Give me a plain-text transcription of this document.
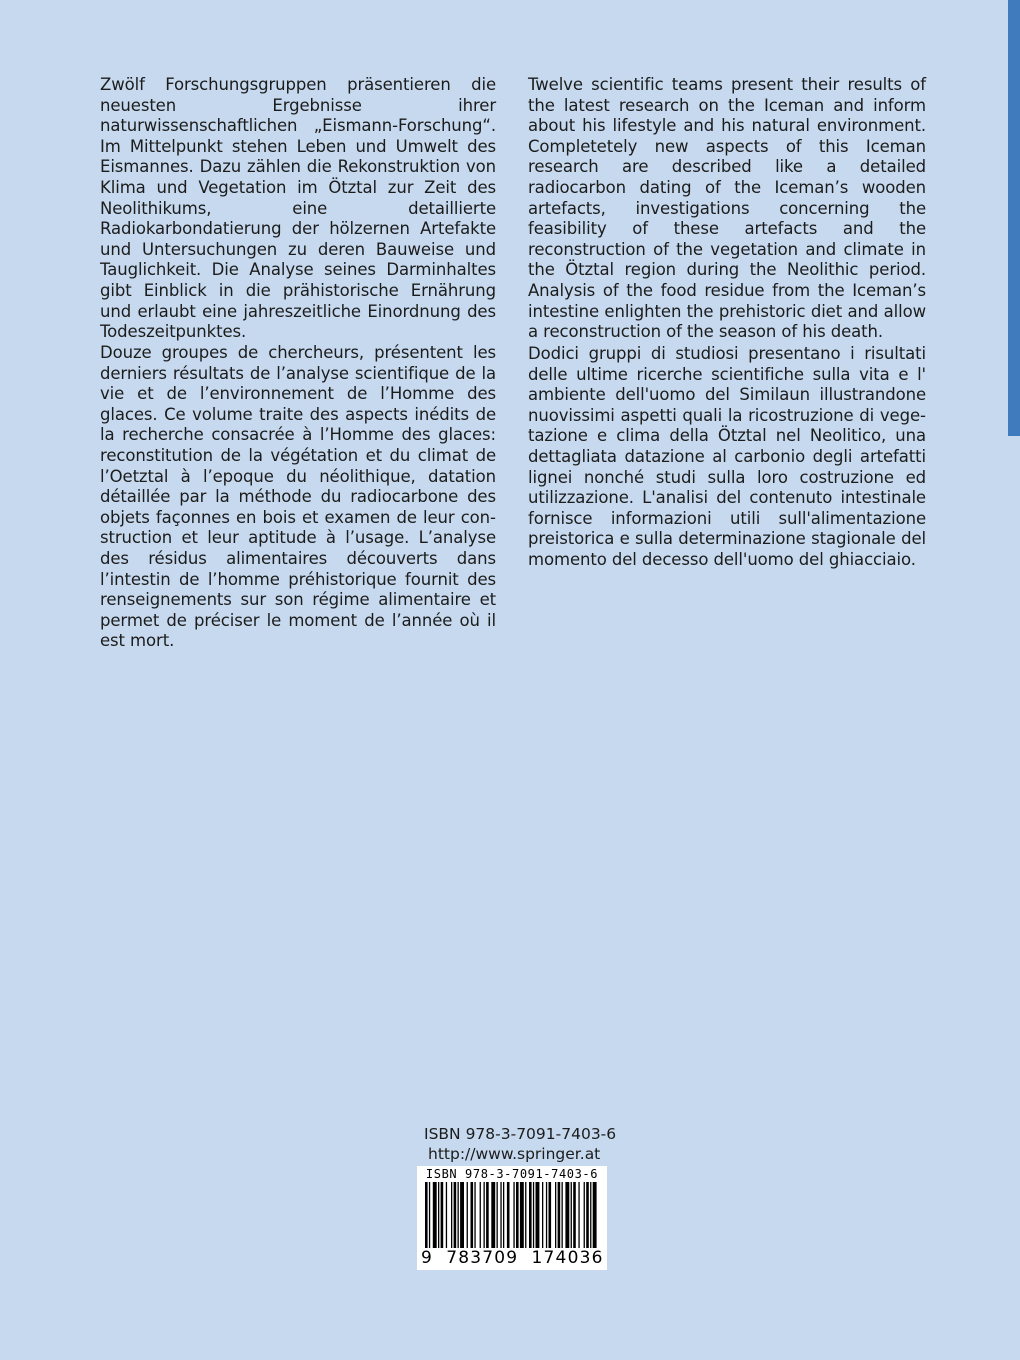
Zwölf Forschungsgruppen präsentieren die neuesten Ergebnisse ihrer naturwissenschaftlichen „Eismann-Forschung“. Im Mittelpunkt stehen Leben und Umwelt des Eismannes. Dazu zählen die Rekonstruktion von Klima und Vegetation im Ötztal zur Zeit des Neolithikums, eine detaillierte Radiokarbondatierung der hölzernen Artefakte und Untersuchungen zu deren Bauweise und Tauglichkeit. Die Analyse seines Darminhaltes gibt Einblick in die prähistorische Ernährung und erlaubt eine jahreszeitliche Einordnung des Todeszeitpunktes.

Douze groupes de chercheurs, présentent les derniers résultats de l’analyse scientifique de la vie et de l’environnement de l’Homme des glaces. Ce volume traite des aspects inédits de la recherche consacrée à l’Homme des glaces: reconstitution de la végétation et du climat de l’Oetztal à l’epoque du néolithique, datation détaillée par la méthode du radiocarbone des objets façonnes en bois et examen de leur construction et leur aptitude à l’usage. L’analyse des résidus alimentaires découverts dans l’intestin de l’homme préhistorique fournit des renseignements sur son régime alimentaire et permet de préciser le moment de l’année où il est mort.

Twelve scientific teams present their results of the latest research on the Iceman and inform about his lifestyle and his natural environment. Completetely new aspects of this Iceman research are described like a detailed radiocarbon dating of the Iceman’s wooden artefacts, investigations concerning the feasibility of these artefacts and the reconstruction of the vegetation and climate in the Ötztal region during the Neolithic period. Analysis of the food residue from the Iceman’s intestine enlighten the prehistoric diet and allow a reconstruction of the season of his death.

Dodici gruppi di studiosi presentano i risultati delle ultime ricerche scientifiche sulla vita e l' ambiente dell'uomo del Similaun illustrandone nuovissimi aspetti quali la ricostruzione di vegetazione e clima della Ötztal nel Neolitico, una dettagliata datazione al carbonio degli artefatti lignei nonché studi sulla loro costruzione ed utilizzazione. L'analisi del contenuto intestinale fornisce informazioni utili sull'alimentazione preistorica e sulla determinazione stagionale del momento del decesso dell'uomo del ghiacciaio.

ISBN 978-3-7091-7403-6
http://www.springer.at
ISBN 978-3-7091-7403-6
9  783709  174036
